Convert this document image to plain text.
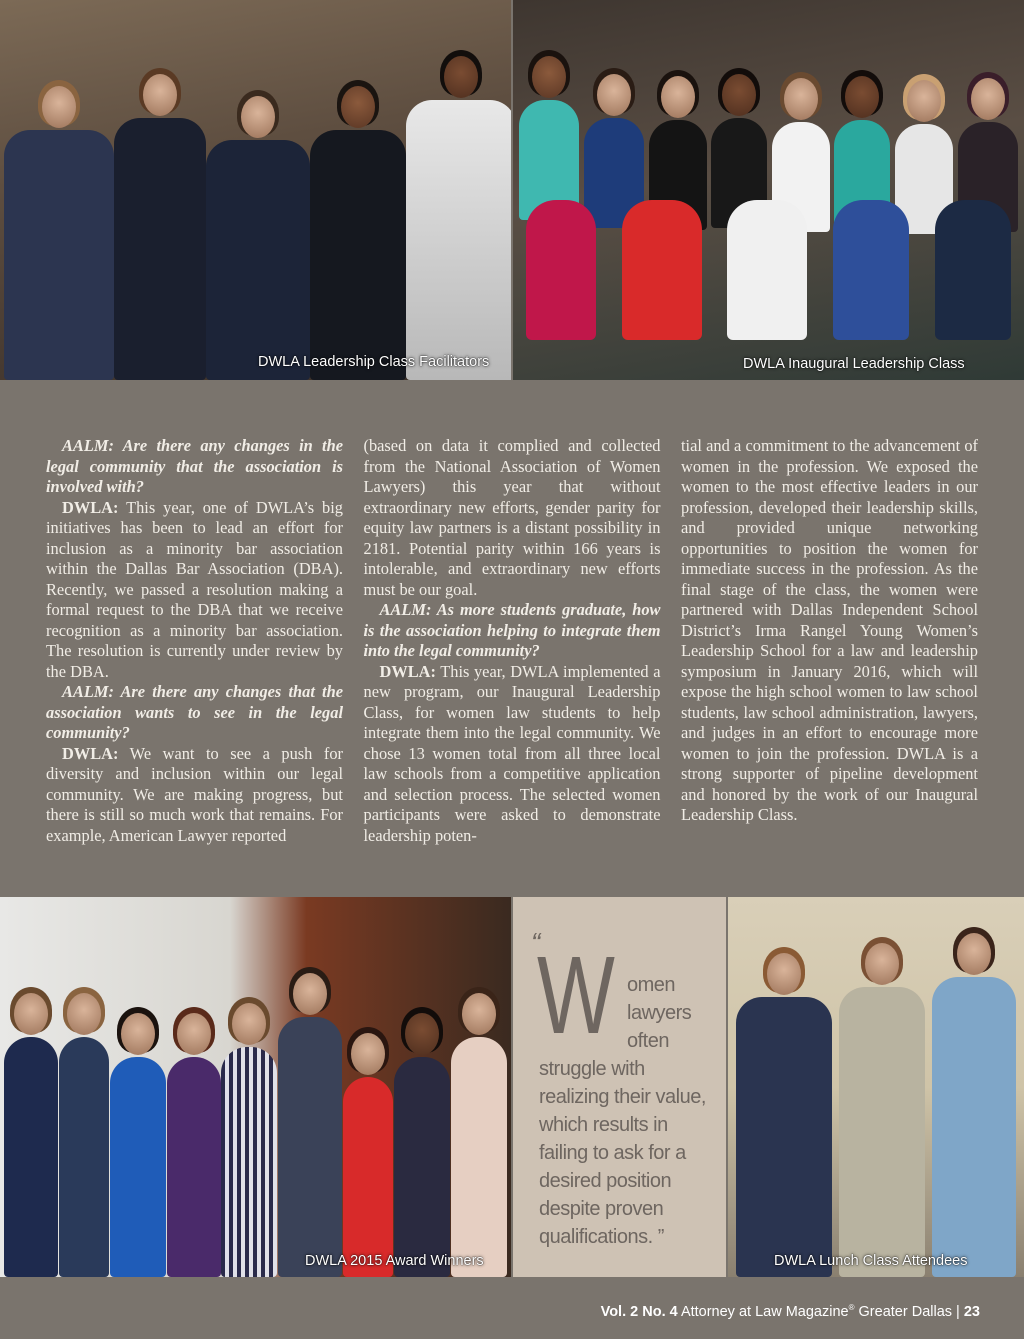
DWLA Leadership Class Facilitators	DWLA Inaugural Leadership Class

AALM: Are there any changes in the legal community that the association is involved with?

DWLA: This year, one of DWLA’s big initiatives has been to lead an effort for inclusion as a minority bar association within the Dallas Bar Association (DBA). Recently, we passed a resolution making a formal request to the DBA that we receive recognition as a minority bar association. The resolution is currently under review by the DBA.

AALM: Are there any changes that the association wants to see in the legal community?

DWLA: We want to see a push for diversity and inclusion within our legal community. We are making progress, but there is still so much work that remains. For example, American Lawyer reported

(based on data it complied and collected from the National Association of Women Lawyers) this year that without extraordinary new efforts, gender parity for equity law partners is a distant possibility in 2181. Potential parity within 166 years is intolerable, and extraordinary new efforts must be our goal.

AALM: As more students graduate, how is the association helping to integrate them into the legal community?

DWLA: This year, DWLA implemented a new program, our Inaugural Leadership Class, for women law students to help integrate them into the legal community. We chose 13 women total from all three local law schools from a competitive application and selection process. The selected women participants were asked to demonstrate leadership poten-

tial and a commitment to the advancement of women in the profession. We exposed the women to the most effective leaders in our profession, developed their leadership skills, and provided unique networking opportunities to position the women for immediate success in the profession. As the final stage of the class, the women were partnered with Dallas Independent School District’s Irma Rangel Young Women’s Leadership School for a law and leadership symposium in January 2016, which will expose the high school women to law school students, law school administration, lawyers, and judges in an effort to encourage more women to join the profession. DWLA is a strong supporter of pipeline development and honored by the work of our Inaugural Leadership Class.

DWLA 2015 Award Winners
“
W omen
lawyers
often
struggle with realizing their value, which results in failing to ask for a desired position despite proven qualifications. ”
DWLA Lunch Class Attendees
Vol. 2 No. 4 Attorney at Law Magazine® Greater Dallas | 23
